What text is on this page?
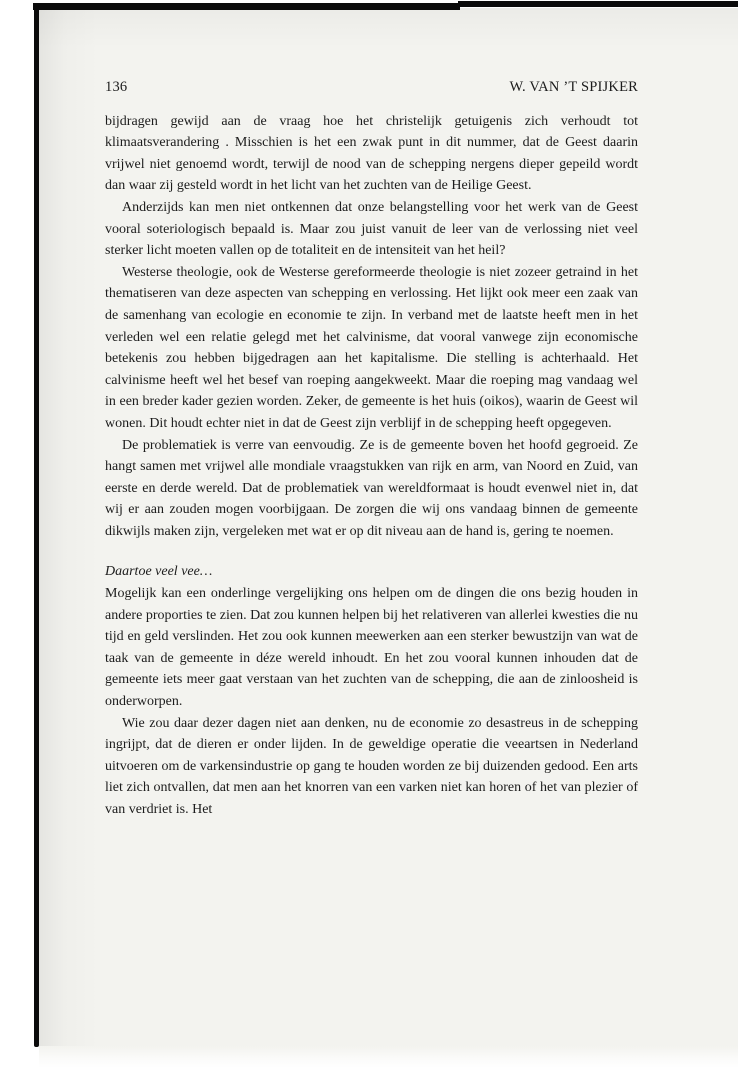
136	W. VAN ’T SPIJKER

bijdragen gewijd aan de vraag hoe het christelijk getuigenis zich verhoudt tot klimaatsverandering . Misschien is het een zwak punt in dit nummer, dat de Geest daarin vrijwel niet genoemd wordt, terwijl de nood van de schepping nergens dieper gepeild wordt dan waar zij gesteld wordt in het licht van het zuchten van de Heilige Geest.

Anderzijds kan men niet ontkennen dat onze belangstelling voor het werk van de Geest vooral soteriologisch bepaald is. Maar zou juist vanuit de leer van de verlossing niet veel sterker licht moeten vallen op de totaliteit en de intensiteit van het heil?

Westerse theologie, ook de Westerse gereformeerde theologie is niet zozeer getraind in het thematiseren van deze aspecten van schepping en verlossing. Het lijkt ook meer een zaak van de samenhang van ecologie en economie te zijn. In verband met de laatste heeft men in het verleden wel een relatie gelegd met het calvinisme, dat vooral vanwege zijn economische betekenis zou hebben bijgedragen aan het kapitalisme. Die stelling is achterhaald. Het calvinisme heeft wel het besef van roeping aangekweekt. Maar die roeping mag vandaag wel in een breder kader gezien worden. Zeker, de gemeente is het huis (oikos), waarin de Geest wil wonen. Dit houdt echter niet in dat de Geest zijn verblijf in de schepping heeft opgegeven.

De problematiek is verre van eenvoudig. Ze is de gemeente boven het hoofd gegroeid. Ze hangt samen met vrijwel alle mondiale vraagstukken van rijk en arm, van Noord en Zuid, van eerste en derde wereld. Dat de problematiek van wereldformaat is houdt evenwel niet in, dat wij er aan zouden mogen voorbijgaan. De zorgen die wij ons vandaag binnen de gemeente dikwijls maken zijn, vergeleken met wat er op dit niveau aan de hand is, gering te noemen.

Daartoe veel vee…

Mogelijk kan een onderlinge vergelijking ons helpen om de dingen die ons bezig houden in andere proporties te zien. Dat zou kunnen helpen bij het relativeren van allerlei kwesties die nu tijd en geld verslinden. Het zou ook kunnen meewerken aan een sterker bewustzijn van wat de taak van de gemeente in déze wereld inhoudt. En het zou vooral kunnen inhouden dat de gemeente iets meer gaat verstaan van het zuchten van de schepping, die aan de zinloosheid is onderworpen.

Wie zou daar dezer dagen niet aan denken, nu de economie zo desastreus in de schepping ingrijpt, dat de dieren er onder lijden. In de geweldige operatie die veeartsen in Nederland uitvoeren om de varkensindustrie op gang te houden worden ze bij duizenden gedood. Een arts liet zich ontvallen, dat men aan het knorren van een varken niet kan horen of het van plezier of van verdriet is. Het
